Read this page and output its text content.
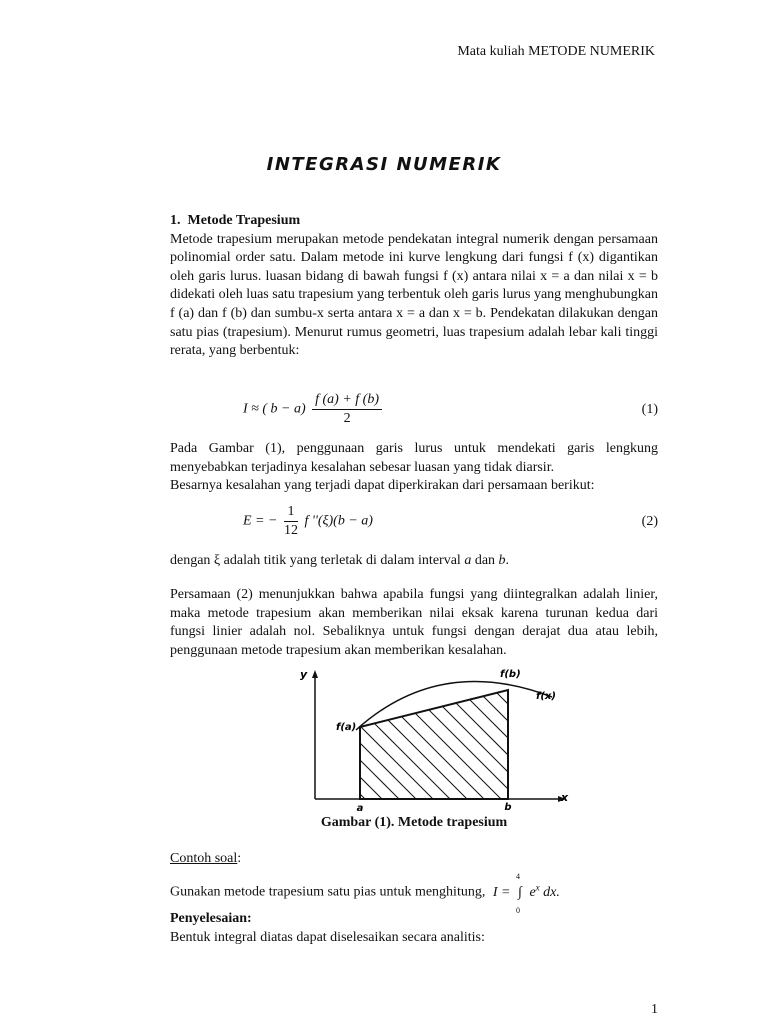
Mata kuliah METODE NUMERIK
INTEGRASI NUMERIK
1.  Metode Trapesium
Metode trapesium merupakan metode pendekatan integral numerik dengan persamaan polinomial order satu. Dalam metode ini kurve lengkung dari fungsi f (x) digantikan oleh garis lurus. luasan bidang di bawah fungsi f (x) antara nilai x = a dan nilai x = b didekati oleh luas satu trapesium yang terbentuk oleh garis lurus yang menghubungkan f (a) dan f (b) dan sumbu-x serta antara x = a dan x = b. Pendekatan dilakukan dengan satu pias (trapesium). Menurut rumus geometri, luas trapesium adalah lebar kali tinggi rerata, yang berbentuk:
I ≈ ( $b - a) \frac{f (a) + f (b)}{2}$	(1)
Pada Gambar (1), penggunaan garis lurus untuk mendekati garis lengkung menyebabkan terjadinya kesalahan sebesar luasan yang tidak diarsir.
Besarnya kesalahan yang terjadi dapat diperkirakan dari persamaan berikut:
E = − $\frac{1}{12}$ f ''(ξ)(b − a)	(2)
dengan ξ adalah titik yang terletak di dalam interval a dan b.
Persamaan (2) menunjukkan bahwa apabila fungsi yang diintegralkan adalah linier, maka metode trapesium akan memberikan nilai eksak karena turunan kedua dari fungsi linier adalah nol. Sebaliknya untuk fungsi dengan derajat dua atau lebih, penggunaan metode trapesium akan memberikan kesalahan.
y
x
f(a)
f(b)
f(x)
a	b
Gambar (1). Metode trapesium
Contoh soal:
Gunakan metode trapesium satu pias untuk menghitung, I = ∫
4
0
$e^x$ dx.
Penyelesaian:
Bentuk integral diatas dapat diselesaikan secara analitis:
1
